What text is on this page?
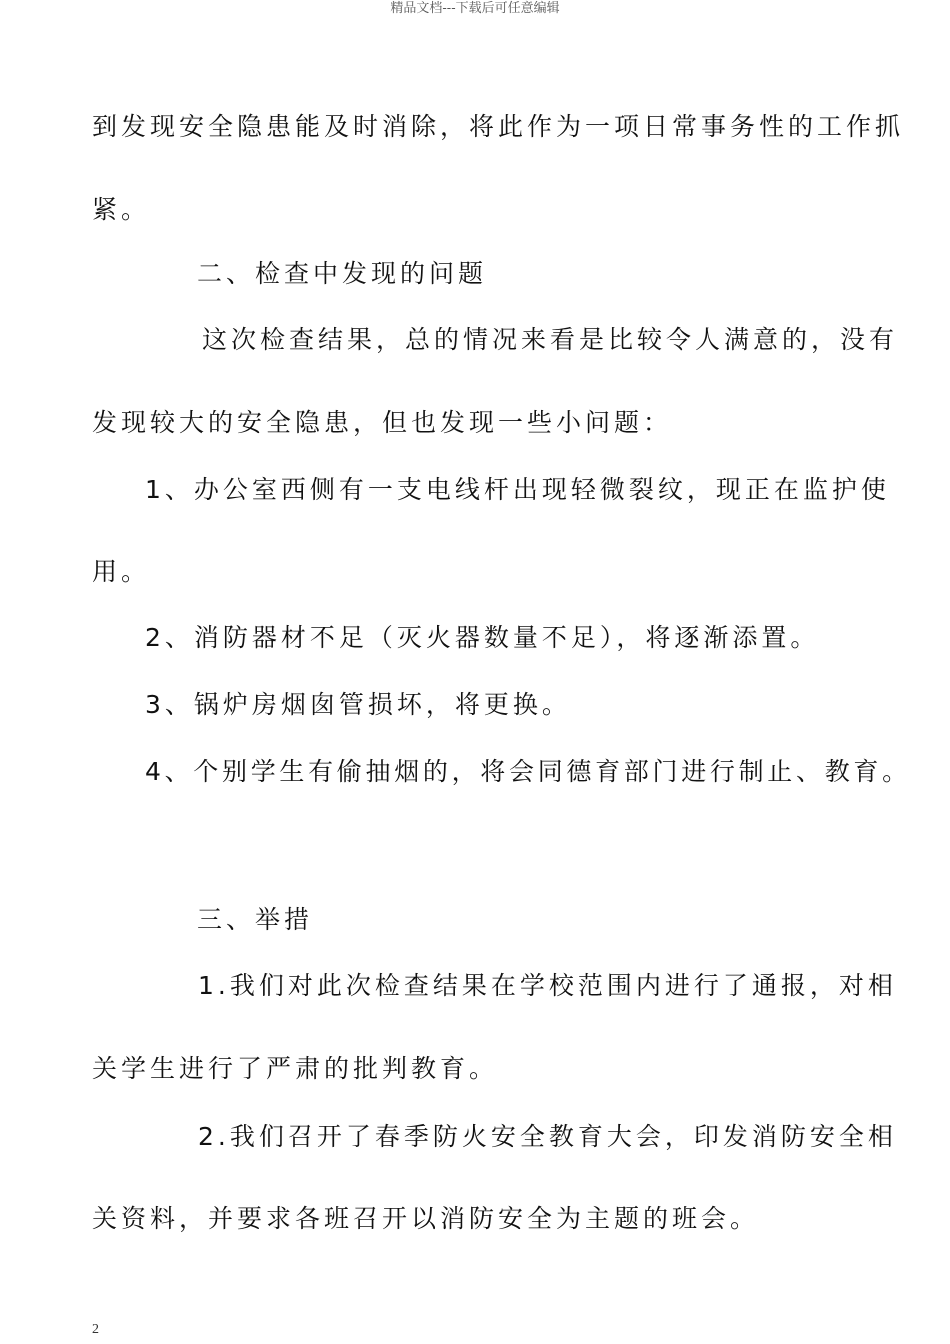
精品文档---下载后可任意编辑
到发现安全隐患能及时消除，将此作为一项日常事务性的工作抓
紧。
二、检查中发现的问题
这次检查结果，总的情况来看是比较令人满意的，没有
发现较大的安全隐患，但也发现一些小问题：
1、办公室西侧有一支电线杆出现轻微裂纹，现正在监护使
用。
2、消防器材不足（灭火器数量不足），将逐渐添置。
3、锅炉房烟囱管损坏，将更换。
4、个别学生有偷抽烟的，将会同德育部门进行制止、教育。
三、举措
1.我们对此次检查结果在学校范围内进行了通报，对相
关学生进行了严肃的批判教育。
2.我们召开了春季防火安全教育大会，印发消防安全相
关资料，并要求各班召开以消防安全为主题的班会。
2
